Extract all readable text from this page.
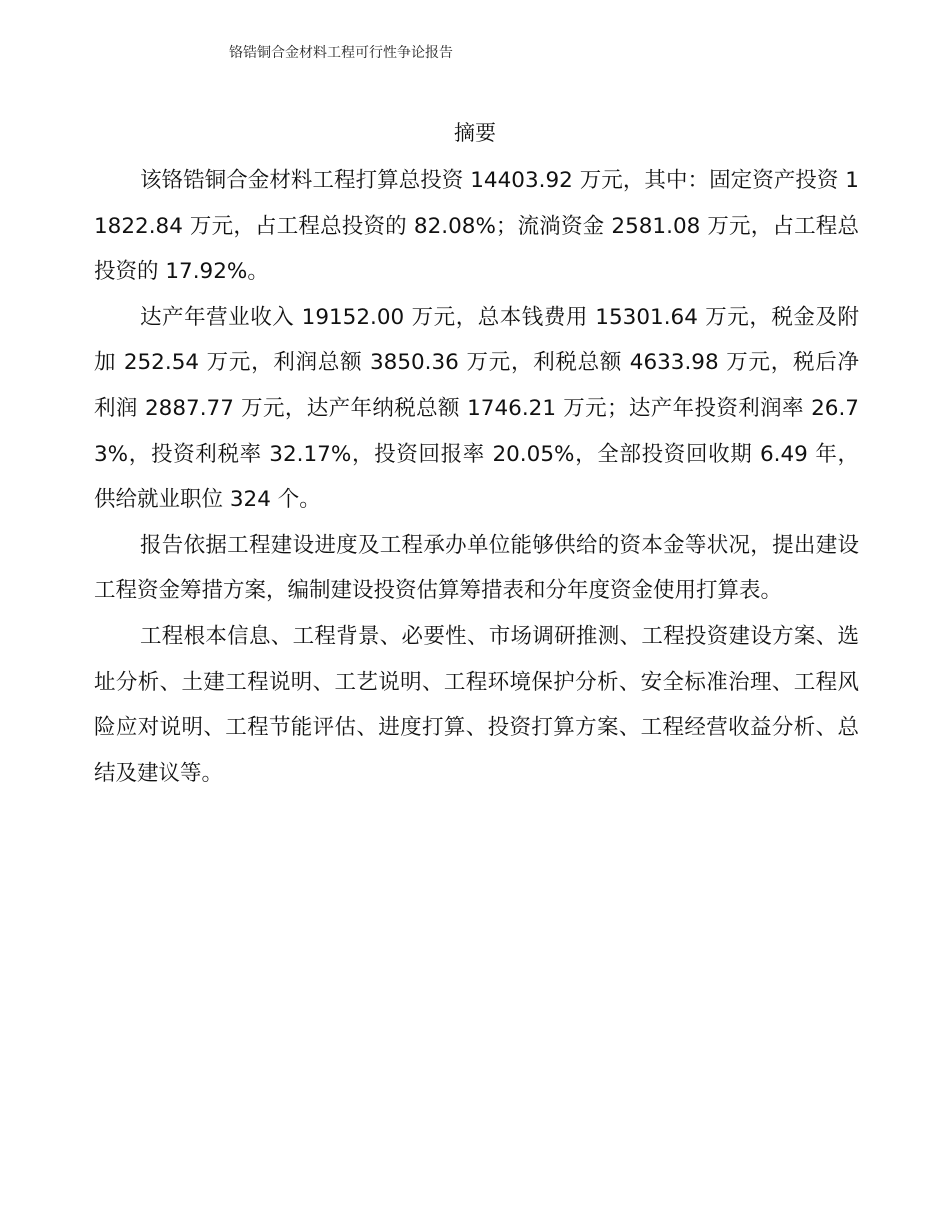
铬锆铜合金材料工程可行性争论报告
摘要

该铬锆铜合金材料工程打算总投资 14403.92 万元，其中：固定资产投资 11822.84 万元，占工程总投资的 82.08%；流淌资金 2581.08 万元，占工程总投资的 17.92%。

达产年营业收入 19152.00 万元，总本钱费用 15301.64 万元，税金及附加 252.54 万元，利润总额 3850.36 万元，利税总额 4633.98 万元，税后净利润 2887.77 万元，达产年纳税总额 1746.21 万元；达产年投资利润率 26.73%，投资利税率 32.17%，投资回报率 20.05%，全部投资回收期 6.49 年，供给就业职位 324 个。

报告依据工程建设进度及工程承办单位能够供给的资本金等状况，提出建设工程资金筹措方案，编制建设投资估算筹措表和分年度资金使用打算表。

工程根本信息、工程背景、必要性、市场调研推测、工程投资建设方案、选址分析、土建工程说明、工艺说明、工程环境保护分析、安全标准治理、工程风险应对说明、工程节能评估、进度打算、投资打算方案、工程经营收益分析、总结及建议等。
